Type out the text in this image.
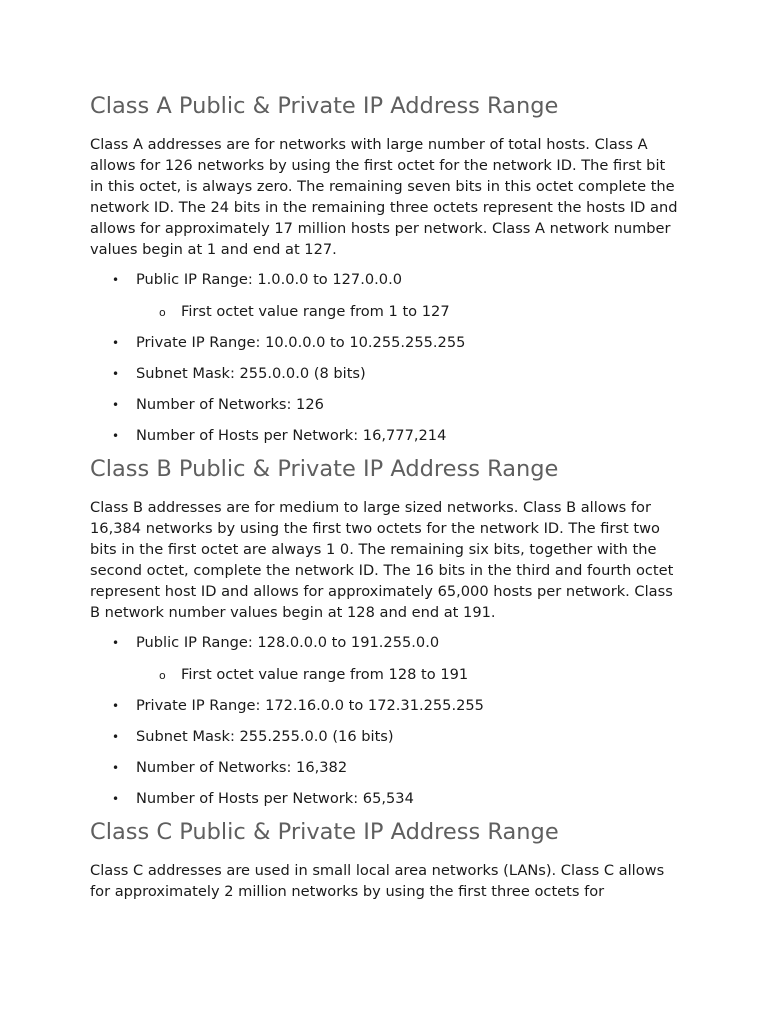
Class A Public & Private IP Address Range

Class A addresses are for networks with large number of total hosts. Class A allows for 126 networks by using the first octet for the network ID. The first bit in this octet, is always zero. The remaining seven bits in this octet complete the network ID. The 24 bits in the remaining three octets represent the hosts ID and allows for approximately 17 million hosts per network. Class A network number values begin at 1 and end at 127.

• Public IP Range: 1.0.0.0 to 127.0.0.0
o First octet value range from 1 to 127
• Private IP Range: 10.0.0.0 to 10.255.255.255
• Subnet Mask: 255.0.0.0 (8 bits)
• Number of Networks: 126
• Number of Hosts per Network: 16,777,214
Class B Public & Private IP Address Range

Class B addresses are for medium to large sized networks. Class B allows for 16,384 networks by using the first two octets for the network ID. The first two bits in the first octet are always 1 0. The remaining six bits, together with the second octet, complete the network ID. The 16 bits in the third and fourth octet represent host ID and allows for approximately 65,000 hosts per network. Class B network number values begin at 128 and end at 191.

• Public IP Range: 128.0.0.0 to 191.255.0.0
o First octet value range from 128 to 191
• Private IP Range: 172.16.0.0 to 172.31.255.255
• Subnet Mask: 255.255.0.0 (16 bits)
• Number of Networks: 16,382
• Number of Hosts per Network: 65,534
Class C Public & Private IP Address Range

Class C addresses are used in small local area networks (LANs). Class C allows for approximately 2 million networks by using the first three octets for
